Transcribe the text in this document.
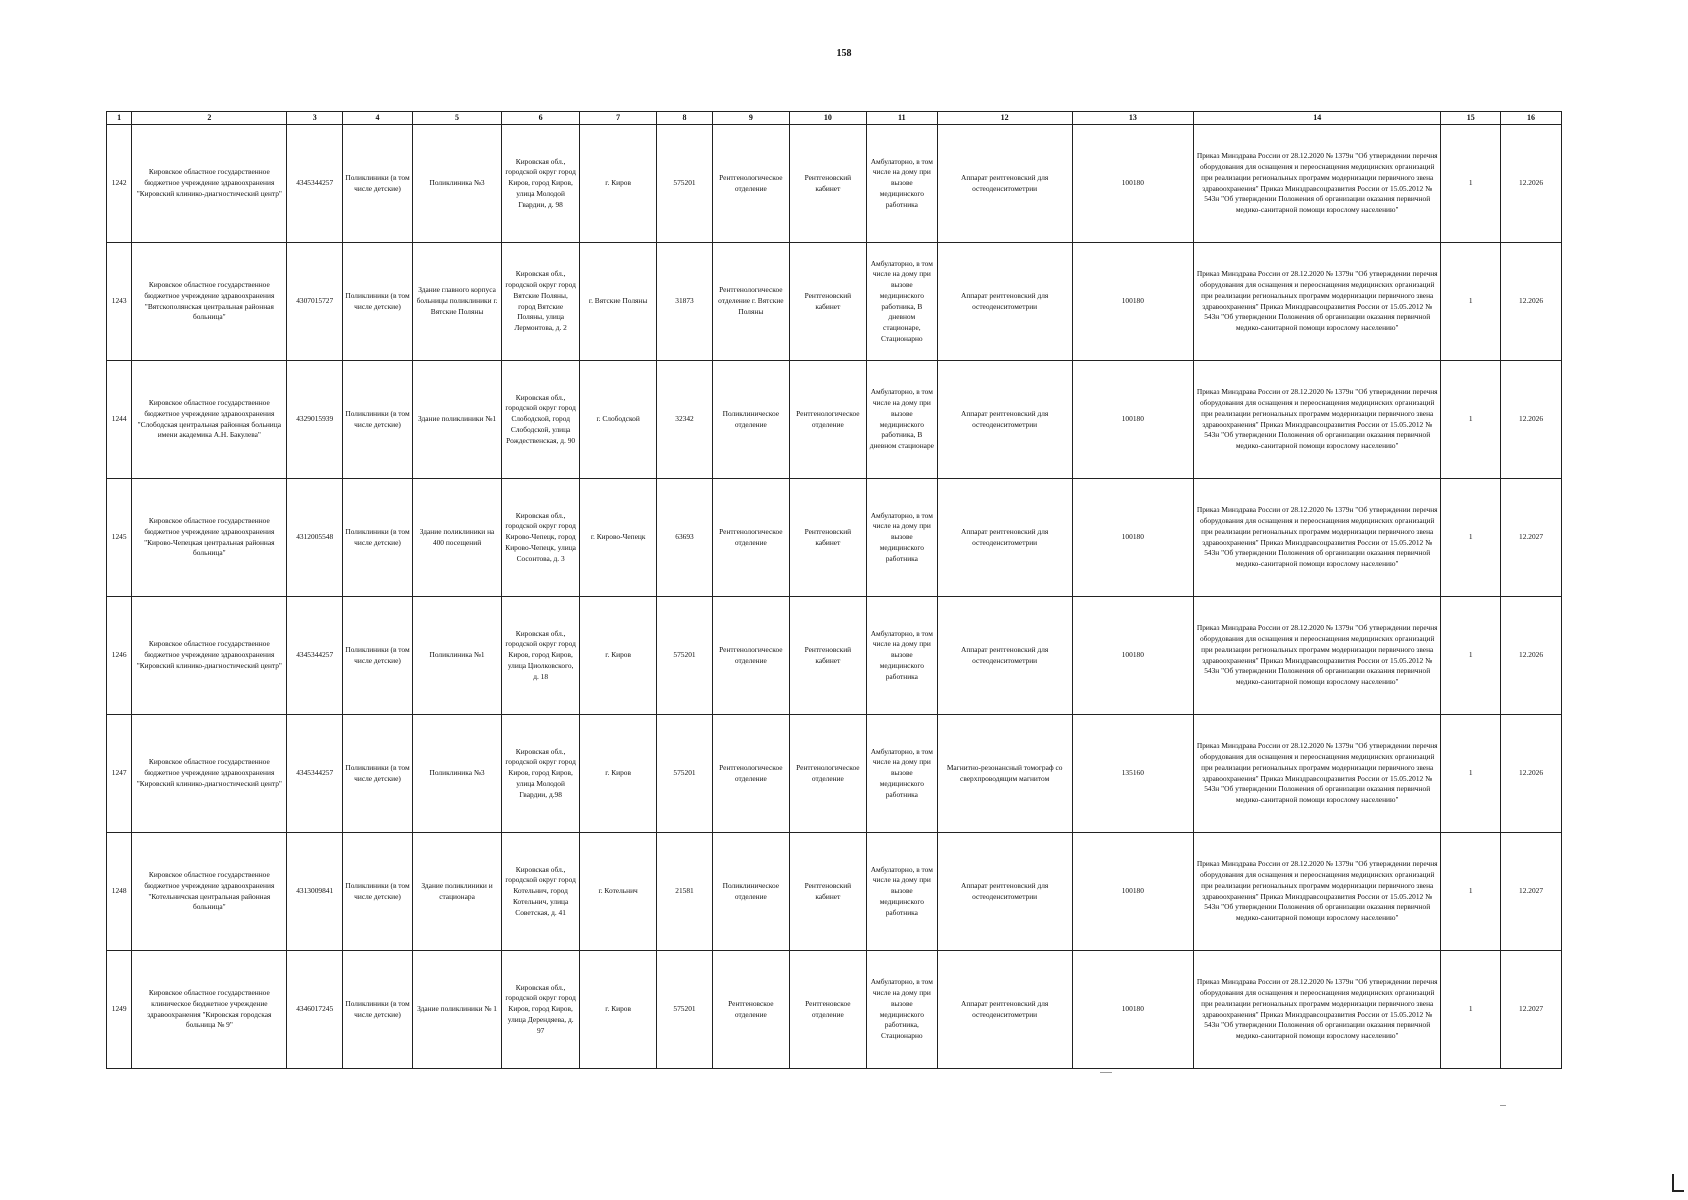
158
1	2	3	4	5	6	7	8	9	10	11	12	13	14	15	16
1242	Кировское областное государственное бюджетное учреждение здравоохранения "Кировский клинико-диагностический центр"	4345344257	Поликлиники (в том числе детские)	Поликлиника №3	Кировская обл., городской округ город Киров, город Киров, улица Молодой Гвардии, д. 98	г. Киров	575201	Рентгенологическое отделение	Рентгеновский кабинет	Амбулаторно, в том числе на дому при вызове медицинского работника	Аппарат рентгеновский для остеоденситометрии	100180	Приказ Минздрава России от 28.12.2020 № 1379н "Об утверждении перечня оборудования для оснащения и переоснащения медицинских организаций при реализации региональных программ модернизации первичного звена здравоохранения" Приказ Минздравсоцразвития России от 15.05.2012 № 543н "Об утверждении Положения об организации оказания первичной медико-санитарной помощи взрослому населению"	1	12.2026
1243	Кировское областное государственное бюджетное учреждение здравоохранения "Вятскополянская центральная районная больница"	4307015727	Поликлиники (в том числе детские)	Здание главного корпуса больницы поликлиники г. Вятские Поляны	Кировская обл., городской округ город Вятские Поляны, город Вятские Поляны, улица Лермонтова, д. 2	г. Вятские Поляны	31873	Рентгенологическое отделение г. Вятские Поляны	Рентгеновский кабинет	Амбулаторно, в том числе на дому при вызове медицинского работника, В дневном стационаре, Стационарно	Аппарат рентгеновский для остеоденситометрии	100180	Приказ Минздрава России от 28.12.2020 № 1379н "Об утверждении перечня оборудования для оснащения и переоснащения медицинских организаций при реализации региональных программ модернизации первичного звена здравоохранения" Приказ Минздравсоцразвития России от 15.05.2012 № 543н "Об утверждении Положения об организации оказания первичной медико-санитарной помощи взрослому населению"	1	12.2026
1244	Кировское областное государственное бюджетное учреждение здравоохранения "Слободская центральная районная больница имени академика А.Н. Бакулева"	4329015939	Поликлиники (в том числе детские)	Здание поликлиники №1	Кировская обл., городской округ город Слободской, город Слободской, улица Рождественская, д. 90	г. Слободской	32342	Поликлиническое отделение	Рентгенологическое отделение	Амбулаторно, в том числе на дому при вызове медицинского работника, В дневном стационаре	Аппарат рентгеновский для остеоденситометрии	100180	Приказ Минздрава России от 28.12.2020 № 1379н "Об утверждении перечня оборудования для оснащения и переоснащения медицинских организаций при реализации региональных программ модернизации первичного звена здравоохранения" Приказ Минздравсоцразвития России от 15.05.2012 № 543н "Об утверждении Положения об организации оказания первичной медико-санитарной помощи взрослому населению"	1	12.2026
1245	Кировское областное государственное бюджетное учреждение здравоохранения "Кирово-Чепецкая центральная районная больница"	4312005548	Поликлиники (в том числе детские)	Здание поликлиники на 400 посещений	Кировская обл., городской округ город Кирово-Чепецк, город Кирово-Чепецк, улица Сосонтова, д. 3	г. Кирово-Чепецк	63693	Рентгенологическое отделение	Рентгеновский кабинет	Амбулаторно, в том числе на дому при вызове медицинского работника	Аппарат рентгеновский для остеоденситометрии	100180	Приказ Минздрава России от 28.12.2020 № 1379н "Об утверждении перечня оборудования для оснащения и переоснащения медицинских организаций при реализации региональных программ модернизации первичного звена здравоохранения" Приказ Минздравсоцразвития России от 15.05.2012 № 543н "Об утверждении Положения об организации оказания первичной медико-санитарной помощи взрослому населению"	1	12.2027
1246	Кировское областное государственное бюджетное учреждение здравоохранения "Кировский клинико-диагностический центр"	4345344257	Поликлиники (в том числе детские)	Поликлиника №1	Кировская обл., городской округ город Киров, город Киров, улица Циолковского, д. 18	г. Киров	575201	Рентгенологическое отделение	Рентгеновский кабинет	Амбулаторно, в том числе на дому при вызове медицинского работника	Аппарат рентгеновский для остеоденситометрии	100180	Приказ Минздрава России от 28.12.2020 № 1379н "Об утверждении перечня оборудования для оснащения и переоснащения медицинских организаций при реализации региональных программ модернизации первичного звена здравоохранения" Приказ Минздравсоцразвития России от 15.05.2012 № 543н "Об утверждении Положения об организации оказания первичной медико-санитарной помощи взрослому населению"	1	12.2026
1247	Кировское областное государственное бюджетное учреждение здравоохранения "Кировский клинико-диагностический центр"	4345344257	Поликлиники (в том числе детские)	Поликлиника №3	Кировская обл., городской округ город Киров, город Киров, улица Молодой Гвардии, д.98	г. Киров	575201	Рентгенологическое отделение	Рентгенологическое отделение	Амбулаторно, в том числе на дому при вызове медицинского работника	Магнитно-резонансный томограф со сверхпроводящим магнитом	135160	Приказ Минздрава России от 28.12.2020 № 1379н "Об утверждении перечня оборудования для оснащения и переоснащения медицинских организаций при реализации региональных программ модернизации первичного звена здравоохранения" Приказ Минздравсоцразвития России от 15.05.2012 № 543н "Об утверждении Положения об организации оказания первичной медико-санитарной помощи взрослому населению"	1	12.2026
1248	Кировское областное государственное бюджетное учреждение здравоохранения "Котельничская центральная районная больница"	4313009841	Поликлиники (в том числе детские)	Здание поликлиники и стационара	Кировская обл., городской округ город Котельнич, город Котельнич, улица Советская, д. 41	г. Котельнич	21581	Поликлиническое отделение	Рентгеновский кабинет	Амбулаторно, в том числе на дому при вызове медицинского работника	Аппарат рентгеновский для остеоденситометрии	100180	Приказ Минздрава России от 28.12.2020 № 1379н "Об утверждении перечня оборудования для оснащения и переоснащения медицинских организаций при реализации региональных программ модернизации первичного звена здравоохранения" Приказ Минздравсоцразвития России от 15.05.2012 № 543н "Об утверждении Положения об организации оказания первичной медико-санитарной помощи взрослому населению"	1	12.2027
1249	Кировское областное государственное клиническое бюджетное учреждение здравоохранения "Кировская городская больница № 9"	4346017245	Поликлиники (в том числе детские)	Здание поликлиники № 1	Кировская обл., городской округ город Киров, город Киров, улица Дерендяева, д. 97	г. Киров	575201	Рентгеновское отделение	Рентгеновское отделение	Амбулаторно, в том числе на дому при вызове медицинского работника, Стационарно	Аппарат рентгеновский для остеоденситометрии	100180	Приказ Минздрава России от 28.12.2020 № 1379н "Об утверждении перечня оборудования для оснащения и переоснащения медицинских организаций при реализации региональных программ модернизации первичного звена здравоохранения" Приказ Минздравсоцразвития России от 15.05.2012 № 543н "Об утверждении Положения об организации оказания первичной медико-санитарной помощи взрослому населению"	1	12.2027
